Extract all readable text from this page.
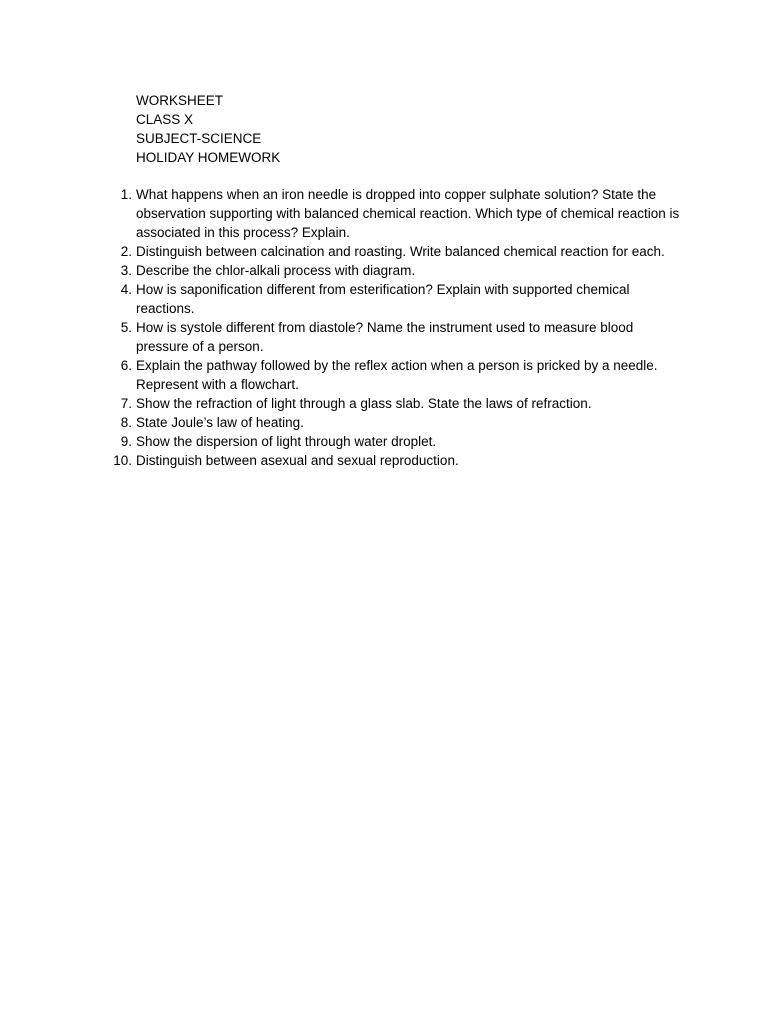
WORKSHEET
CLASS X
SUBJECT-SCIENCE
HOLIDAY HOMEWORK
1. What happens when an iron needle is dropped into copper sulphate solution? State the observation supporting with balanced chemical reaction. Which type of chemical reaction is associated in this process? Explain.
2. Distinguish between calcination and roasting. Write balanced chemical reaction for each.
3. Describe the chlor-alkali process with diagram.
4. How is saponification different from esterification? Explain with supported chemical reactions.
5. How is systole different from diastole? Name the instrument used to measure blood pressure of a person.
6. Explain the pathway followed by the reflex action when a person is pricked by a needle. Represent with a flowchart.
7. Show the refraction of light through a glass slab. State the laws of refraction.
8. State Joule’s law of heating.
9. Show the dispersion of light through water droplet.
10. Distinguish between asexual and sexual reproduction.
